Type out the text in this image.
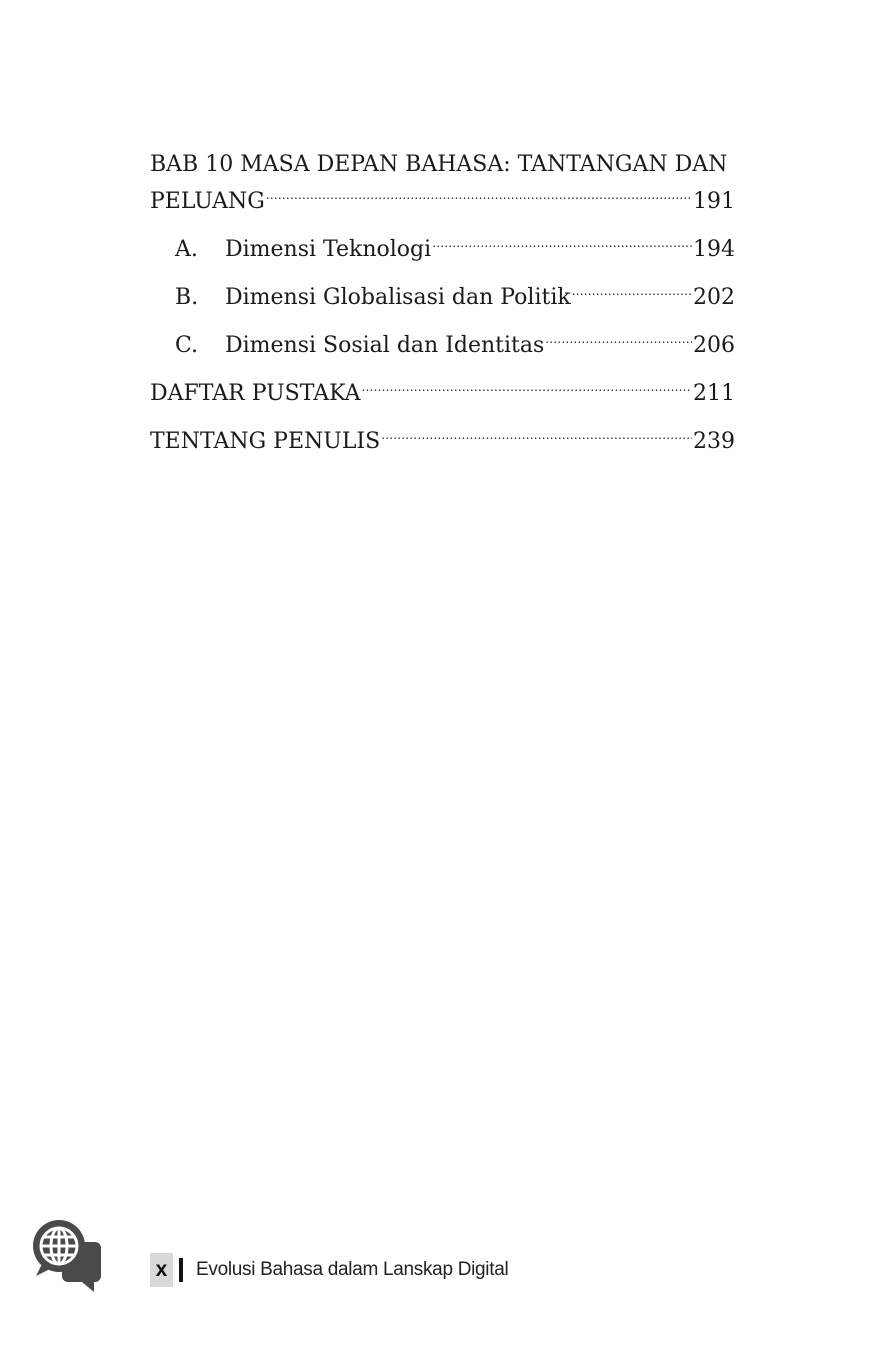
BAB 10 MASA DEPAN BAHASA: TANTANGAN DAN
PELUANG .....	191
A.	Dimensi Teknologi .....	194
B.	Dimensi Globalisasi dan Politik .....	202
C.	Dimensi Sosial dan Identitas .....	206
DAFTAR PUSTAKA .....	211
TENTANG PENULIS .....	239
x Evolusi Bahasa dalam Lanskap Digital
